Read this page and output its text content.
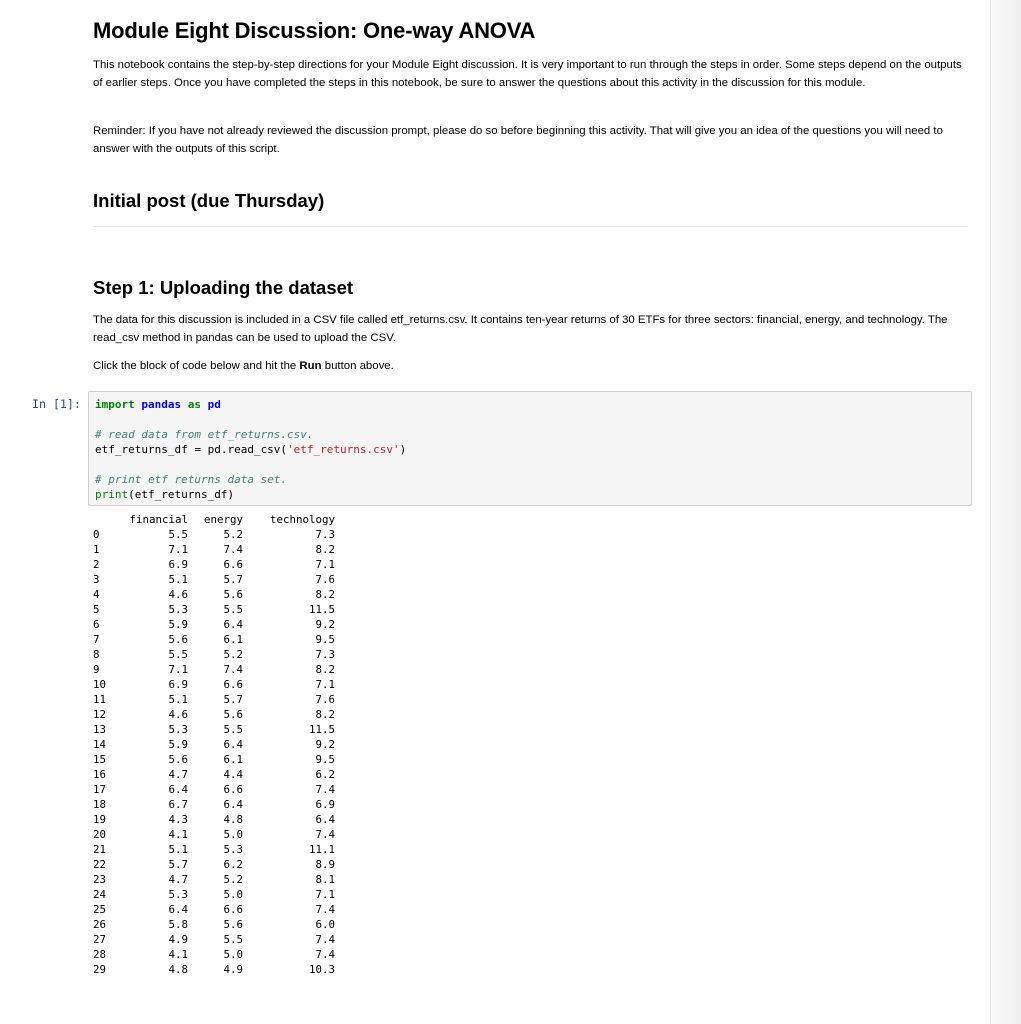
Module Eight Discussion: One-way ANOVA

This notebook contains the step-by-step directions for your Module Eight discussion. It is very important to run through the steps in order. Some steps depend on the outputs of earlier steps. Once you have completed the steps in this notebook, be sure to answer the questions about this activity in the discussion for this module.

Reminder: If you have not already reviewed the discussion prompt, please do so before beginning this activity. That will give you an idea of the questions you will need to answer with the outputs of this script.

Initial post (due Thursday)
Step 1: Uploading the dataset

The data for this discussion is included in a CSV file called etf_returns.csv. It contains ten-year returns of 30 ETFs for three sectors: financial, energy, and technology. The read_csv method in pandas can be used to upload the CSV.

Click the block of code below and hit the Run button above.

In [1]: import pandas as pd

# read data from etf_returns.csv.
etf_returns_df = pd.read_csv('etf_returns.csv')

# print etf returns data set.
print(etf_returns_df)
	financial	energy	technology
0	5.5	5.2	7.3
1	7.1	7.4	8.2
2	6.9	6.6	7.1
3	5.1	5.7	7.6
4	4.6	5.6	8.2
5	5.3	5.5	11.5
6	5.9	6.4	9.2
7	5.6	6.1	9.5
8	5.5	5.2	7.3
9	7.1	7.4	8.2
10	6.9	6.6	7.1
11	5.1	5.7	7.6
12	4.6	5.6	8.2
13	5.3	5.5	11.5
14	5.9	6.4	9.2
15	5.6	6.1	9.5
16	4.7	4.4	6.2
17	6.4	6.6	7.4
18	6.7	6.4	6.9
19	4.3	4.8	6.4
20	4.1	5.0	7.4
21	5.1	5.3	11.1
22	5.7	6.2	8.9
23	4.7	5.2	8.1
24	5.3	5.0	7.1
25	6.4	6.6	7.4
26	5.8	5.6	6.0
27	4.9	5.5	7.4
28	4.1	5.0	7.4
29	4.8	4.9	10.3
